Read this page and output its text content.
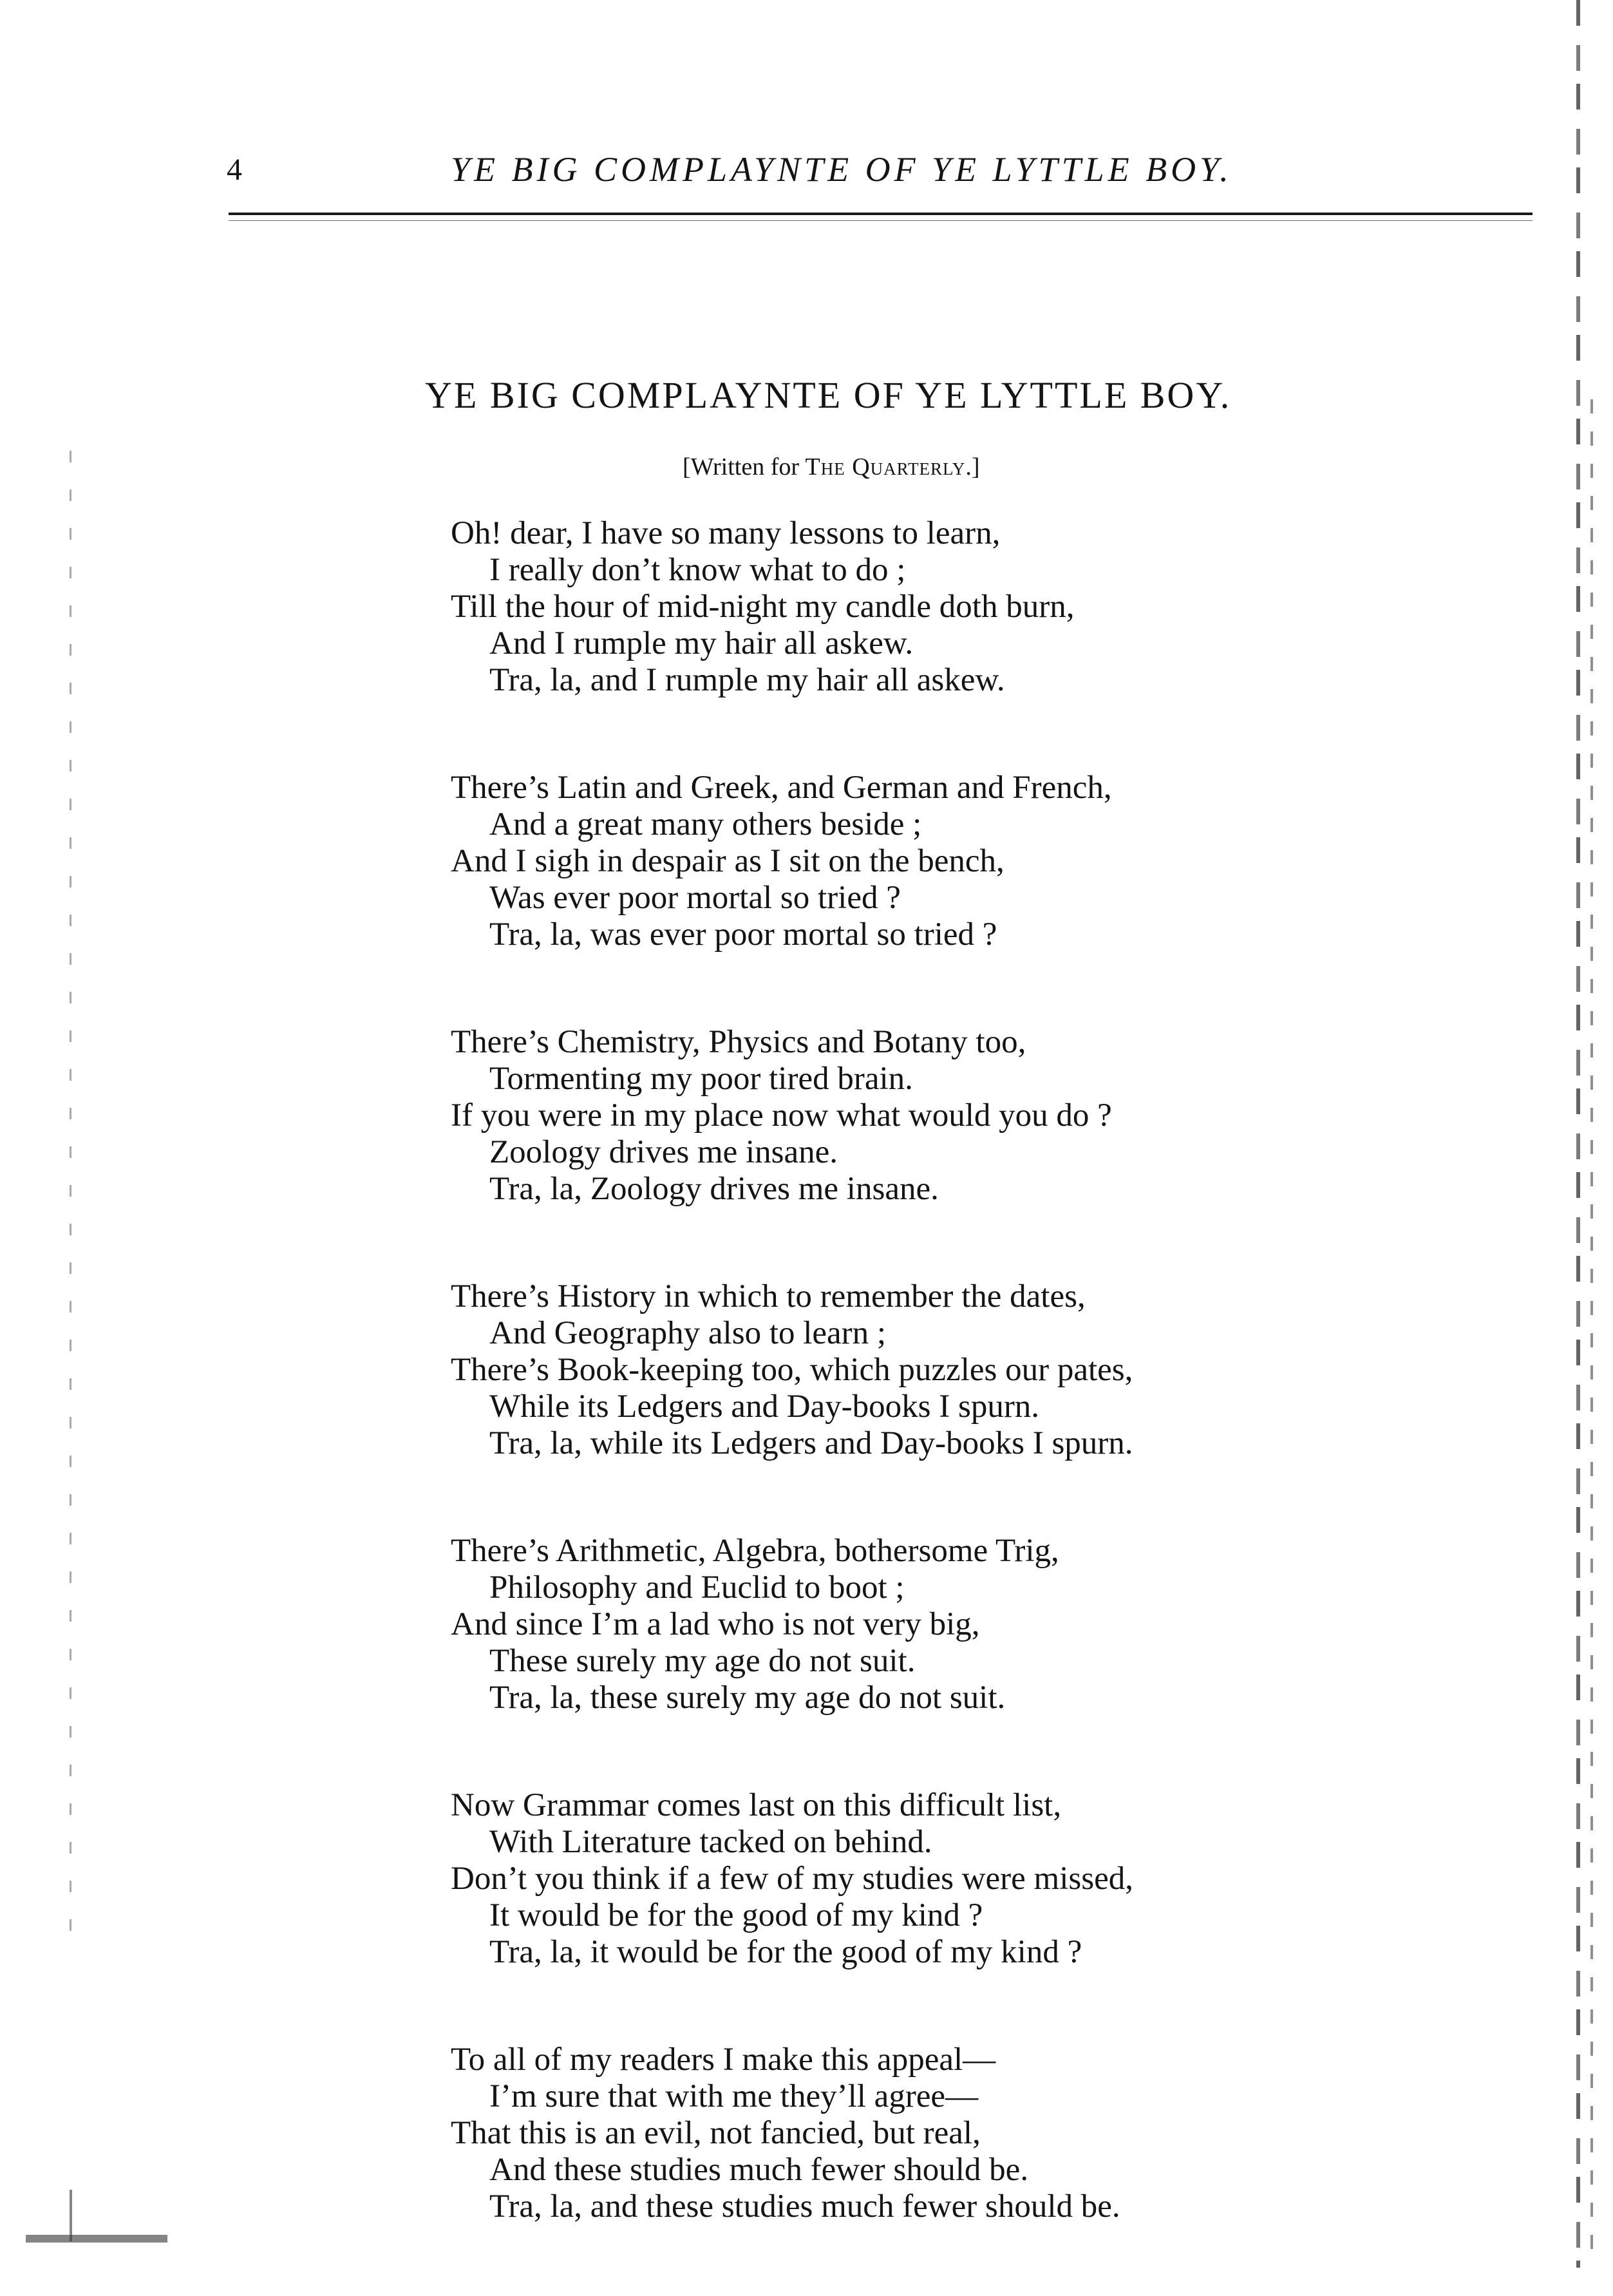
4	YE BIG COMPLAYNTE OF YE LYTTLE BOY.
YE BIG COMPLAYNTE OF YE LYTTLE BOY.
[Written for The Quarterly.]
Oh! dear, I have so many lessons to learn,
I really don’t know what to do ;
Till the hour of mid-night my candle doth burn,
And I rumple my hair all askew.
Tra, la, and I rumple my hair all askew.
There’s Latin and Greek, and German and French,
And a great many others beside ;
And I sigh in despair as I sit on the bench,
Was ever poor mortal so tried ?
Tra, la, was ever poor mortal so tried ?
There’s Chemistry, Physics and Botany too,
Tormenting my poor tired brain.
If you were in my place now what would you do ?
Zoology drives me insane.
Tra, la, Zoology drives me insane.
There’s History in which to remember the dates,
And Geography also to learn ;
There’s Book-keeping too, which puzzles our pates,
While its Ledgers and Day-books I spurn.
Tra, la, while its Ledgers and Day-books I spurn.
There’s Arithmetic, Algebra, bothersome Trig,
Philosophy and Euclid to boot ;
And since I’m a lad who is not very big,
These surely my age do not suit.
Tra, la, these surely my age do not suit.
Now Grammar comes last on this difficult list,
With Literature tacked on behind.
Don’t you think if a few of my studies were missed,
It would be for the good of my kind ?
Tra, la, it would be for the good of my kind ?
To all of my readers I make this appeal—
I’m sure that with me they’ll agree—
That this is an evil, not fancied, but real,
And these studies much fewer should be.
Tra, la, and these studies much fewer should be.
